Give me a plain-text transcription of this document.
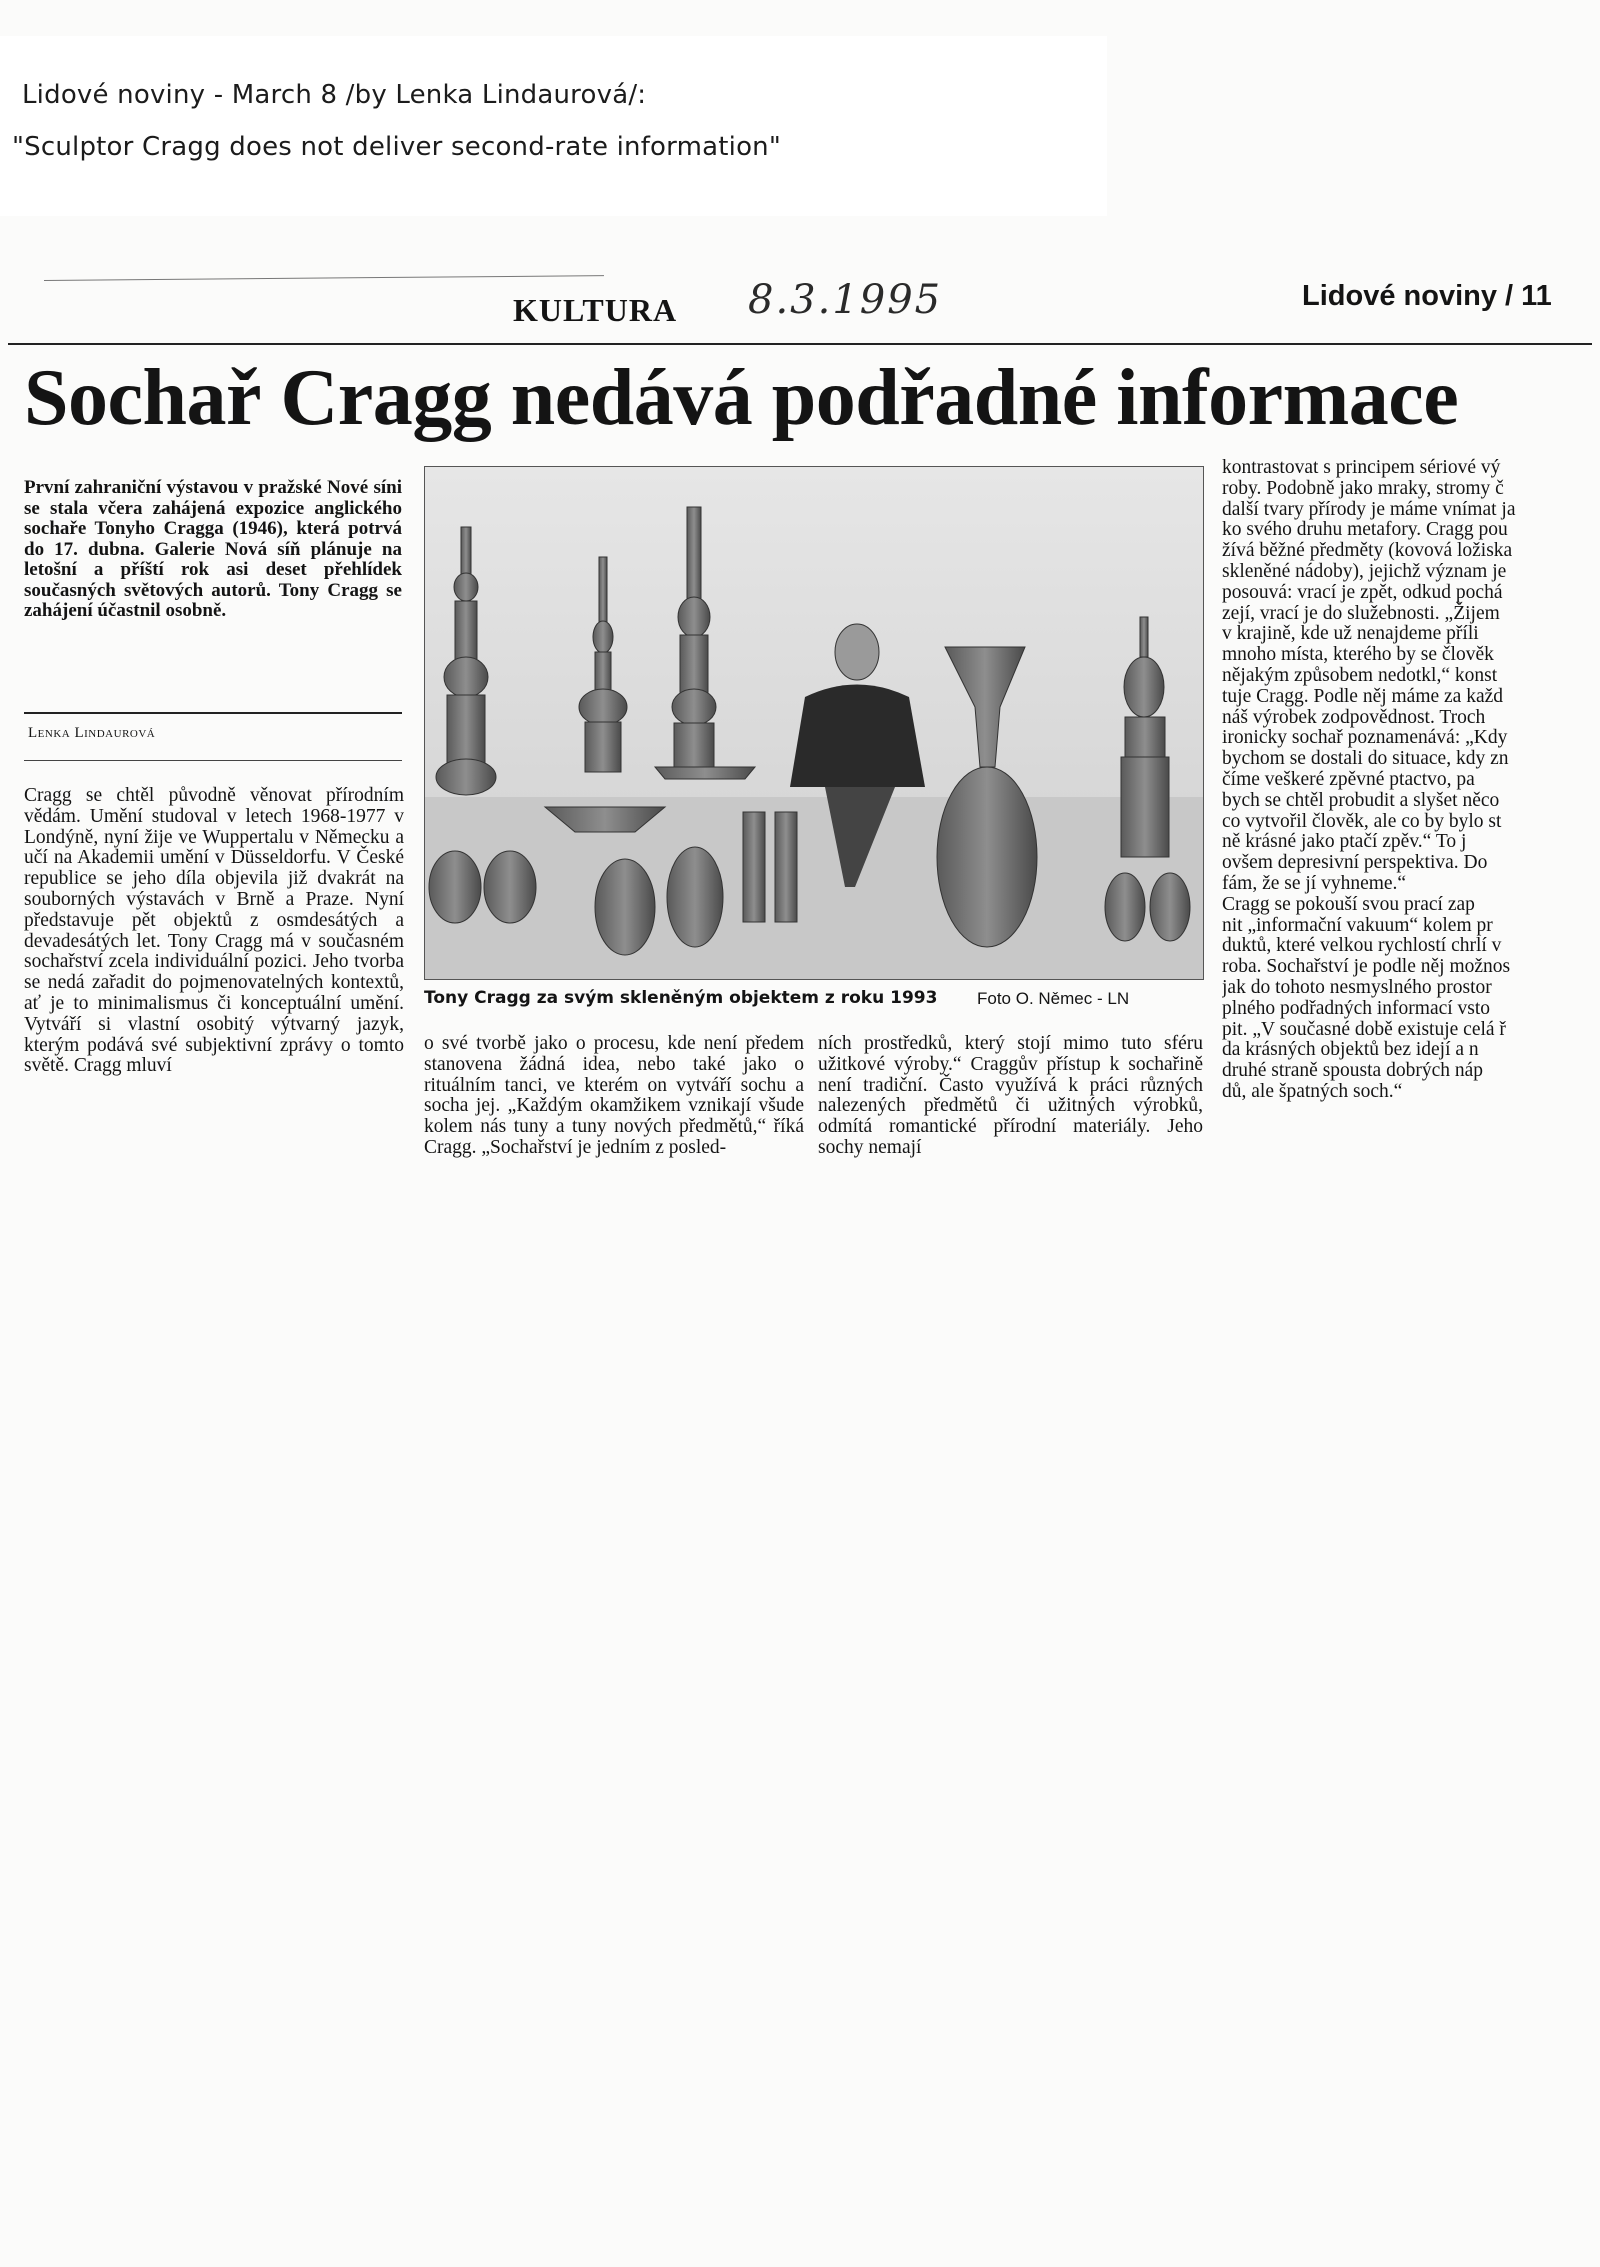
Lidové noviny - March 8 /by Lenka Lindaurová/:
"Sculptor Cragg does not deliver second-rate information"
KULTURA 8.3.1995	Lidové noviny / 11
Sochař Cragg nedává podřadné informace
První zahraniční výstavou v pražské Nové síni se stala včera zahájená expozice anglického sochaře Tonyho Cragga (1946), která potrvá do 17. dubna. Galerie Nová síň plánuje na letošní a příští rok asi deset přehlídek současných světových autorů. Tony Cragg se zahájení účastnil osobně.
Lenka Lindaurová
Cragg se chtěl původně věnovat přírodním vědám. Umění studoval v letech 1968-1977 v Londýně, nyní žije ve Wuppertalu v Německu a učí na Akademii umění v Düsseldorfu. V České republice se jeho díla objevila již dvakrát na souborných výstavách v Brně a Praze. Nyní představuje pět objektů z osmdesátých a devadesátých let. Tony Cragg má v současném sochařství zcela individuální pozici. Jeho tvorba se nedá zařadit do pojmenovatelných kontextů, ať je to minimalismus či konceptuální umění. Vytváří si vlastní osobitý výtvarný jazyk, kterým podává své subjektivní zprávy o tomto světě. Cragg mluví
Tony Cragg za svým skleněným objektem z roku 1993 Foto O. Němec - LN
o své tvorbě jako o procesu, kde není předem stanovena žádná idea, nebo také jako o rituálním tanci, ve kterém on vytváří sochu a socha jej. „Každým okamžikem vznikají všude kolem nás tuny a tuny nových předmětů,“ říká Cragg. „Sochařství je jedním z posled-
ních prostředků, který stojí mimo tuto sféru užitkové výroby.“ Craggův přístup k sochařině není tradiční. Často využívá k práci různých nalezených předmětů či užitných výrobků, odmítá romantické přírodní materiály. Jeho sochy nemají
kontrastovat s principem sériové vý
roby. Podobně jako mraky, stromy č
další tvary přírody je máme vnímat ja
ko svého druhu metafory. Cragg pou
žívá běžné předměty (kovová ložiska
skleněné nádoby), jejichž význam je
posouvá: vrací je zpět, odkud pochá
zejí, vrací je do služebnosti. „Žijem
v krajině, kde už nenajdeme příli
mnoho místa, kterého by se člověk
nějakým způsobem nedotkl,“ konst
tuje Cragg. Podle něj máme za každ
náš výrobek zodpovědnost. Troch
ironicky sochař poznamenává: „Kdy
bychom se dostali do situace, kdy zn
číme veškeré zpěvné ptactvo, pa
bych se chtěl probudit a slyšet něco
co vytvořil člověk, ale co by bylo st
ně krásné jako ptačí zpěv.“ To j
ovšem depresivní perspektiva. Do
fám, že se jí vyhneme.“
Cragg se pokouší svou prací zap
nit „informační vakuum“ kolem pr
duktů, které velkou rychlostí chrlí v
roba. Sochařství je podle něj možnos
jak do tohoto nesmyslného prostor
plného podřadných informací vsto
pit. „V současné době existuje celá ř
da krásných objektů bez idejí a n
druhé straně spousta dobrých náp
dů, ale špatných soch.“
